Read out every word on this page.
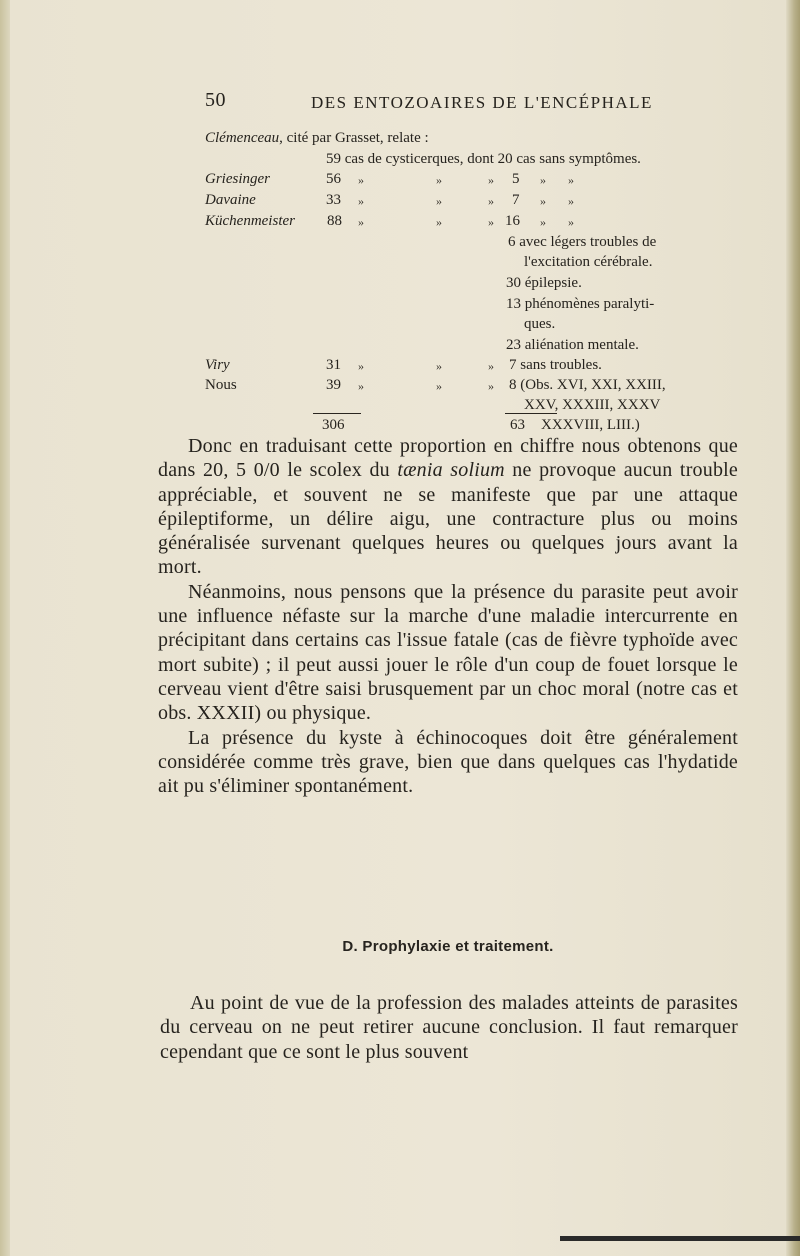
50	DES ENTOZOAIRES DE L'ENCÉPHALE
Clémenceau, cité par Grasset, relate :
59 cas de cysticerques, dont 20 cas sans symptômes.
Griesinger	56 »	»	» 5 » »
Davaine	33 »	»	» 7 » »
Küchenmeister 88 »	»	» 16 » »
6 avec légers troubles de
l'excitation cérébrale.
30 épilepsie.
13 phénomènes paralyti-
ques.
23 aliénation mentale.
Viry	31 »	»	» 7 sans troubles.
Nous	39 »	»	» 8 (Obs. XVI, XXI, XXIII,
XXV, XXXIII, XXXV
306	63 XXXVIII, LIII.)

Donc en traduisant cette proportion en chiffre nous obtenons que dans 20, 5 0/0 le scolex du tænia solium ne provoque aucun trouble appréciable, et souvent ne se manifeste que par une attaque épileptiforme, un délire aigu, une contracture plus ou moins généralisée survenant quelques heures ou quelques jours avant la mort.

Néanmoins, nous pensons que la présence du parasite peut avoir une influence néfaste sur la marche d'une maladie intercurrente en précipitant dans certains cas l'issue fatale (cas de fièvre typhoïde avec mort subite) ; il peut aussi jouer le rôle d'un coup de fouet lorsque le cerveau vient d'être saisi brusquement par un choc moral (notre cas et obs. XXXII) ou physique.

La présence du kyste à échinocoques doit être généralement considérée comme très grave, bien que dans quelques cas l'hydatide ait pu s'éliminer spontanément.

D. Prophylaxie et traitement.

Au point de vue de la profession des malades atteints de parasites du cerveau on ne peut retirer aucune conclusion. Il faut remarquer cependant que ce sont le plus souvent
